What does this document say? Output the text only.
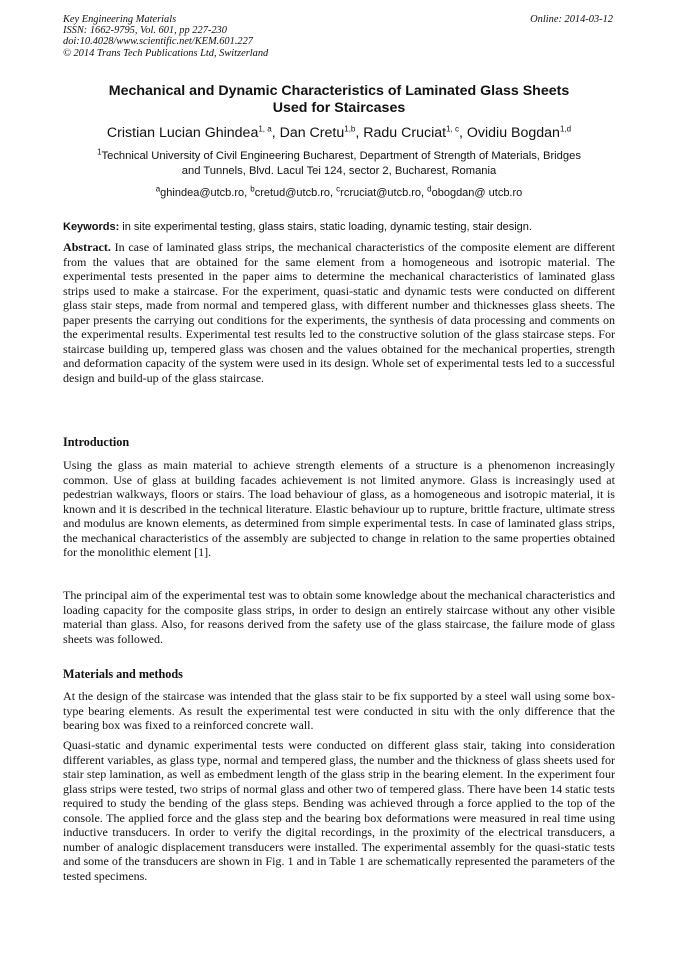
Key Engineering Materials
ISSN: 1662-9795, Vol. 601, pp 227-230
doi:10.4028/www.scientific.net/KEM.601.227
© 2014 Trans Tech Publications Ltd, Switzerland
Online: 2014-03-12
Mechanical and Dynamic Characteristics of Laminated Glass Sheets
Used for Staircases
Cristian Lucian Ghindea$^{1, a}$, Dan Cretu$^{1,b}$, Radu Cruciat$^{1, c}$, Ovidiu Bogdan$^{1,d}$
$^1$Technical University of Civil Engineering Bucharest, Department of Strength of Materials, Bridges
and Tunnels, Blvd. Lacul Tei 124, sector 2, Bucharest, Romania
$^a$ghindea@utcb.ro, $^b$cretud@utcb.ro, $^c$rcruciat@utcb.ro, $^d$obogdan@ utcb.ro
Keywords: in site experimental testing, glass stairs, static loading, dynamic testing, stair design.

Abstract. In case of laminated glass strips, the mechanical characteristics of the composite element are different from the values that are obtained for the same element from a homogeneous and isotropic material. The experimental tests presented in the paper aims to determine the mechanical characteristics of laminated glass strips used to make a staircase. For the experiment, quasi-static and dynamic tests were conducted on different glass stair steps, made from normal and tempered glass, with different number and thicknesses glass sheets. The paper presents the carrying out conditions for the experiments, the synthesis of data processing and comments on the experimental results. Experimental test results led to the constructive solution of the glass staircase steps. For staircase building up, tempered glass was chosen and the values obtained for the mechanical properties, strength and deformation capacity of the system were used in its design. Whole set of experimental tests led to a successful design and build-up of the glass staircase.

Introduction

Using the glass as main material to achieve strength elements of a structure is a phenomenon increasingly common. Use of glass at building facades achievement is not limited anymore. Glass is increasingly used at pedestrian walkways, floors or stairs. The load behaviour of glass, as a homogeneous and isotropic material, it is known and it is described in the technical literature. Elastic behaviour up to rupture, brittle fracture, ultimate stress and modulus are known elements, as determined from simple experimental tests. In case of laminated glass strips, the mechanical characteristics of the assembly are subjected to change in relation to the same properties obtained for the monolithic element [1].

The principal aim of the experimental test was to obtain some knowledge about the mechanical characteristics and loading capacity for the composite glass strips, in order to design an entirely staircase without any other visible material than glass. Also, for reasons derived from the safety use of the glass staircase, the failure mode of glass sheets was followed.

Materials and methods

At the design of the staircase was intended that the glass stair to be fix supported by a steel wall using some box-type bearing elements. As result the experimental test were conducted in situ with the only difference that the bearing box was fixed to a reinforced concrete wall.

Quasi-static and dynamic experimental tests were conducted on different glass stair, taking into consideration different variables, as glass type, normal and tempered glass, the number and the thickness of glass sheets used for stair step lamination, as well as embedment length of the glass strip in the bearing element. In the experiment four glass strips were tested, two strips of normal glass and other two of tempered glass. There have been 14 static tests required to study the bending of the glass steps. Bending was achieved through a force applied to the top of the console. The applied force and the glass step and the bearing box deformations were measured in real time using inductive transducers. In order to verify the digital recordings, in the proximity of the electrical transducers, a number of analogic displacement transducers were installed. The experimental assembly for the quasi-static tests and some of the transducers are shown in Fig. 1 and in Table 1 are schematically represented the parameters of the tested specimens.
